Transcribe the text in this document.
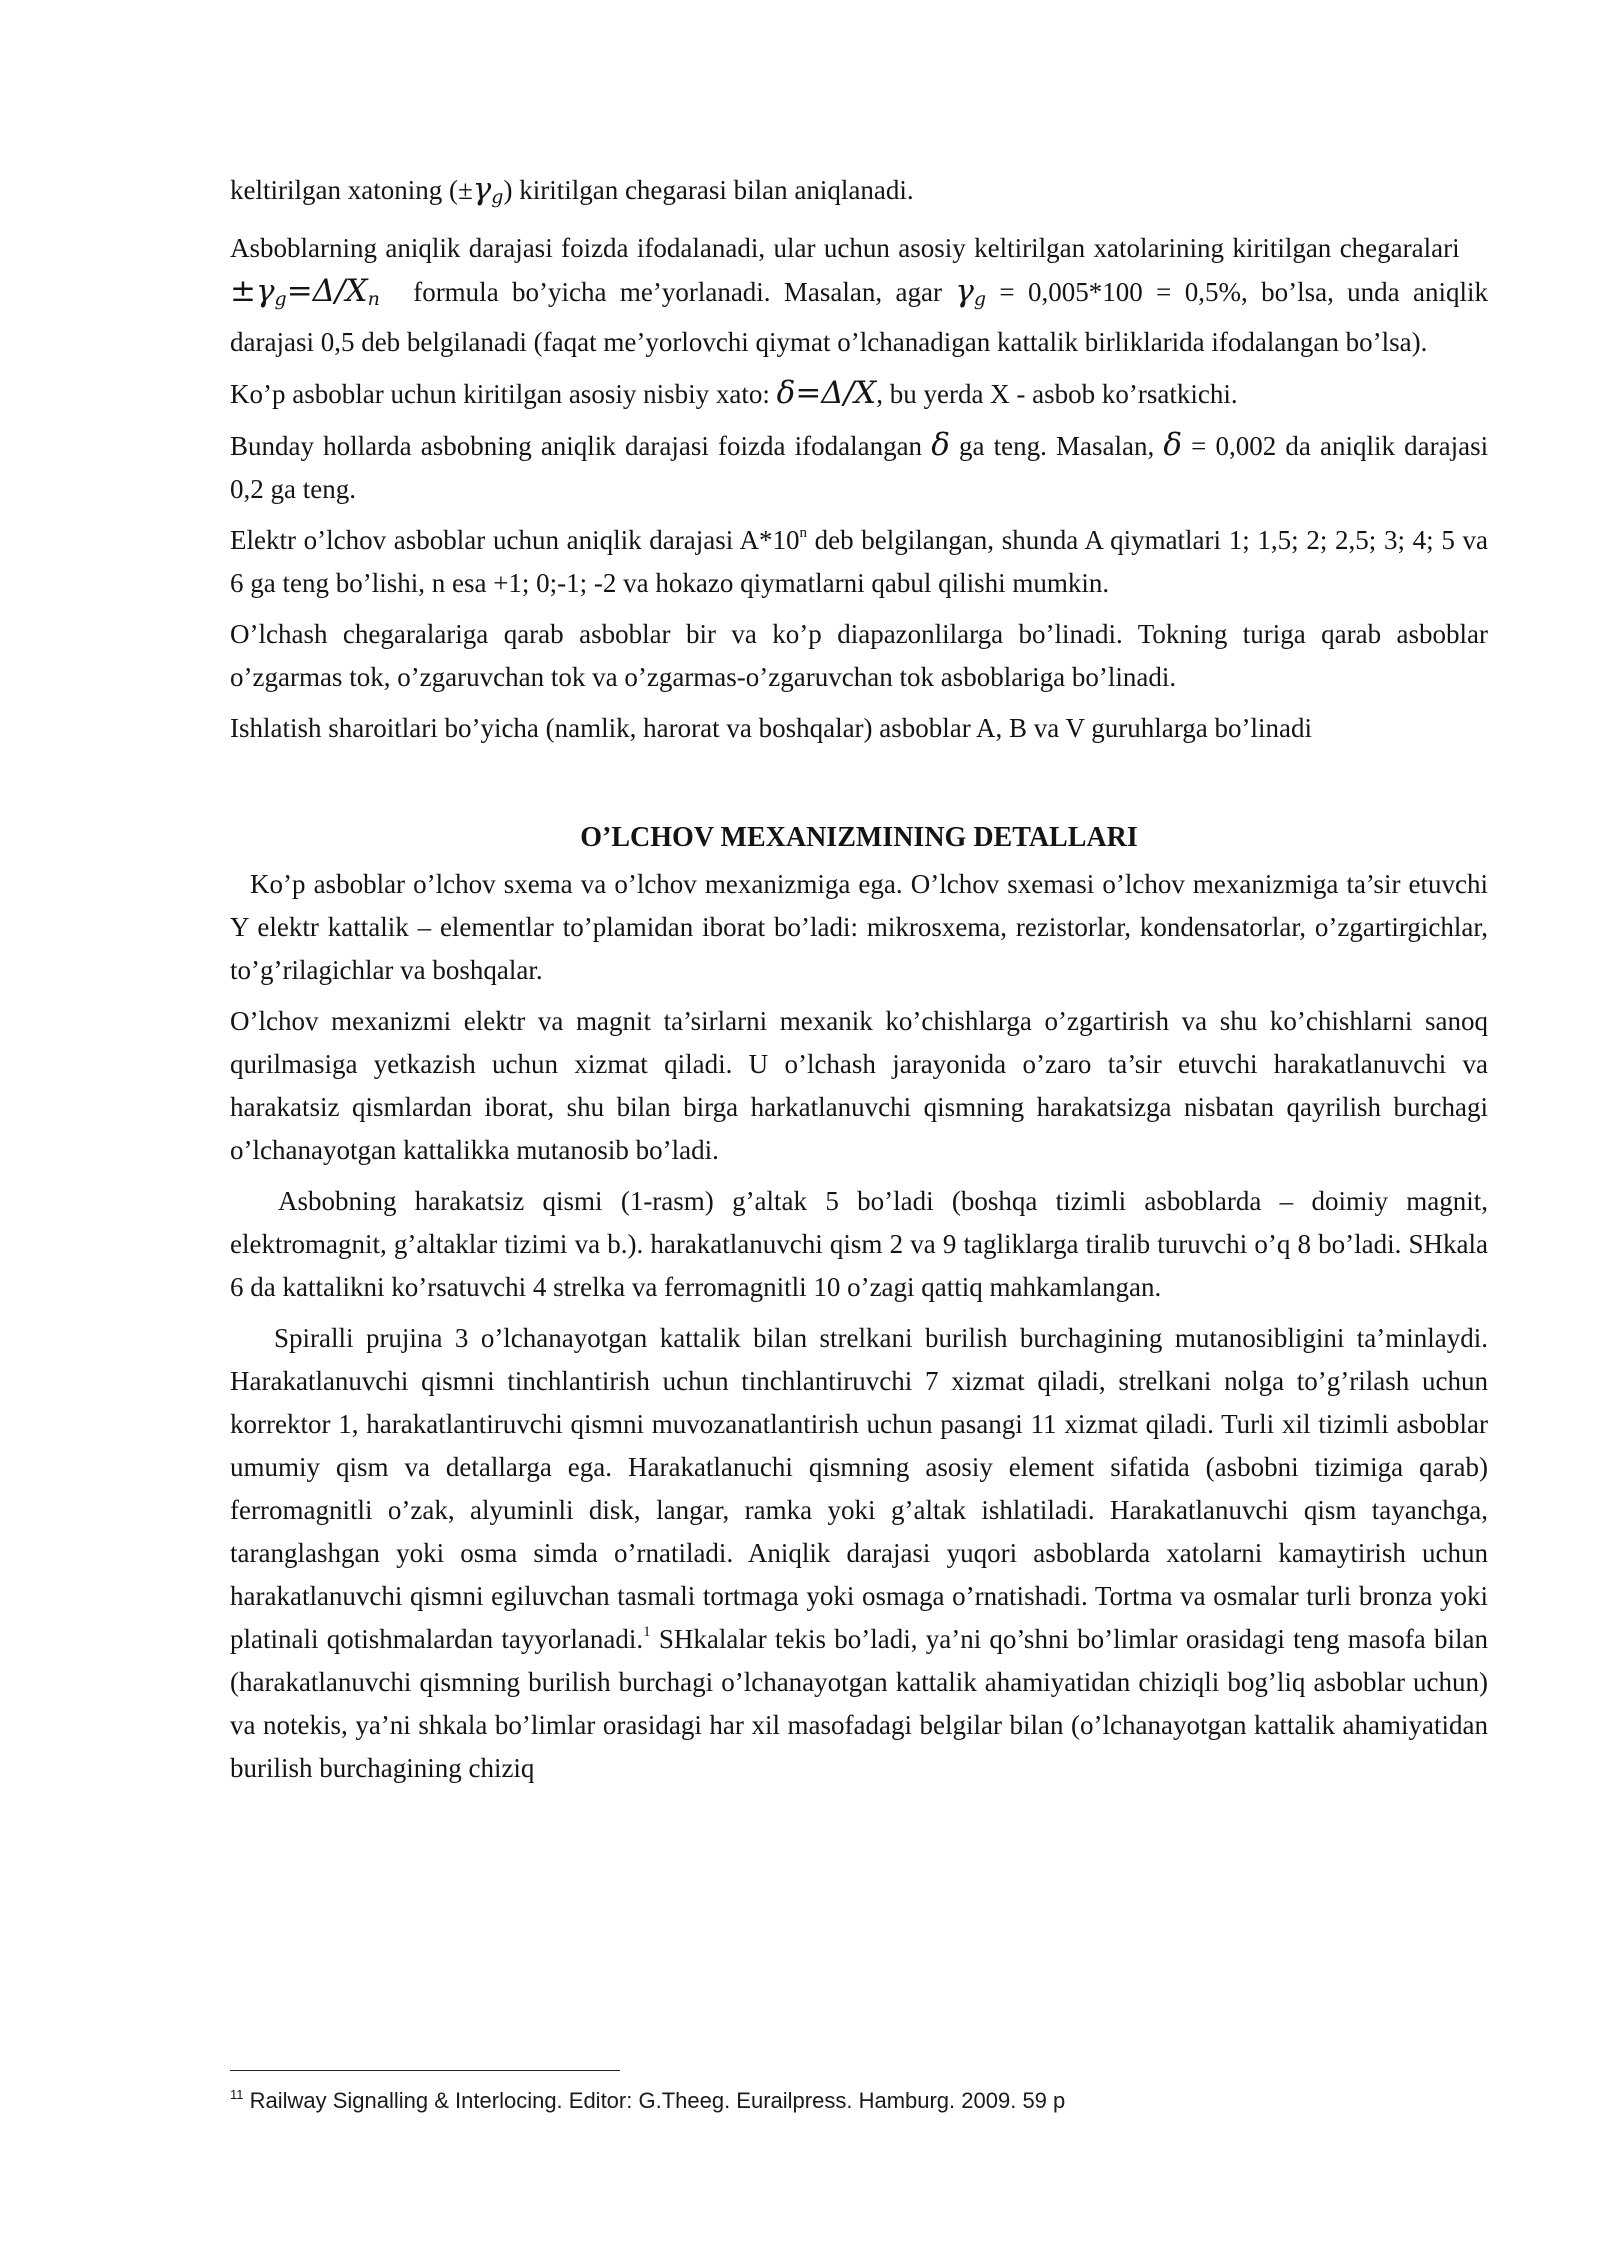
keltirilgan xatoning $(\pm\gamma_g)$ kiritilgan chegarasi bilan aniqlanadi.

Asboblarning aniqlik darajasi foizda ifodalanadi, ular uchun asosiy keltirilgan xatolarining kiritilgan chegaralari $\pm\gamma_g=\Delta/X_n$ formula bo’yicha me’yorlanadi. Masalan, agar $\gamma_g = 0,005*100 = 0,5\%$, bo’lsa, unda aniqlik darajasi 0,5 deb belgilanadi (faqat me’yorlovchi qiymat o’lchanadigan kattalik birliklarida ifodalangan bo’lsa).

Ko’p asboblar uchun kiritilgan asosiy nisbiy xato: δ=Δ/X, bu yerda X - asbob ko’rsatkichi.

Bunday hollarda asbobning aniqlik darajasi foizda ifodalangan δ ga teng. Masalan, δ = 0,002 da aniqlik darajasi 0,2 ga teng.

Elektr o’lchov asboblar uchun aniqlik darajasi A*10$^n$ deb belgilangan, shunda A qiymatlari 1; 1,5; 2; 2,5; 3; 4; 5 va 6 ga teng bo’lishi, n esa +1; 0;-1; -2 va hokazo qiymatlarni qabul qilishi mumkin.

O’lchash chegaralariga qarab asboblar bir va ko’p diapazonlilarga bo’linadi. Tokning turiga qarab asboblar o’zgarmas tok, o’zgaruvchan tok va o’zgarmas-o’zgaruvchan tok asboblariga bo’linadi.

Ishlatish sharoitlari bo’yicha (namlik, harorat va boshqalar) asboblar A, B va V guruhlarga bo’linadi

O’LCHOV MEXANIZMINING DETALLARI

Ko’p asboblar o’lchov sxema va o’lchov mexanizmiga ega. O’lchov sxemasi o’lchov mexanizmiga ta’sir etuvchi Y elektr kattalik – elementlar to’plamidan iborat bo’ladi: mikrosxema, rezistorlar, kondensatorlar, o’zgartirgichlar, to’g’rilagichlar va boshqalar.

O’lchov mexanizmi elektr va magnit ta’sirlarni mexanik ko’chishlarga o’zgartirish va shu ko’chishlarni sanoq qurilmasiga yetkazish uchun xizmat qiladi. U o’lchash jarayonida o’zaro ta’sir etuvchi harakatlanuvchi va harakatsiz qismlardan iborat, shu bilan birga harkatlanuvchi qismning harakatsizga nisbatan qayrilish burchagi o’lchanayotgan kattalikka mutanosib bo’ladi.

Asbobning harakatsiz qismi (1-rasm) g’altak 5 bo’ladi (boshqa tizimli asboblarda – doimiy magnit, elektromagnit, g’altaklar tizimi va b.). harakatlanuvchi qism 2 va 9 tagliklarga tiralib turuvchi o’q 8 bo’ladi. SHkala 6 da kattalikni ko’rsatuvchi 4 strelka va ferromagnitli 10 o’zagi qattiq mahkamlangan.

Spiralli prujina 3 o’lchanayotgan kattalik bilan strelkani burilish burchagining mutanosibligini ta’minlaydi. Harakatlanuvchi qismni tinchlantirish uchun tinchlantiruvchi 7 xizmat qiladi, strelkani nolga to’g’rilash uchun korrektor 1, harakatlantiruvchi qismni muvozanatlantirish uchun pasangi 11 xizmat qiladi. Turli xil tizimli asboblar umumiy qism va detallarga ega. Harakatlanuchi qismning asosiy element sifatida (asbobni tizimiga qarab) ferromagnitli o’zak, alyuminli disk, langar, ramka yoki g’altak ishlatiladi. Harakatlanuvchi qism tayanchga, taranglashgan yoki osma simda o’rnatiladi. Aniqlik darajasi yuqori asboblarda xatolarni kamaytirish uchun harakatlanuvchi qismni egiluvchan tasmali tortmaga yoki osmaga o’rnatishadi. Tortma va osmalar turli bronza yoki platinali qotishmalardan tayyorlanadi.$^1$ SHkalalar tekis bo’ladi, ya’ni qo’shni bo’limlar orasidagi teng masofa bilan (harakatlanuvchi qismning burilish burchagi o’lchanayotgan kattalik ahamiyatidan chiziqli bog’liq asboblar uchun) va notekis, ya’ni shkala bo’limlar orasidagi har xil masofadagi belgilar bilan (o’lchanayotgan kattalik ahamiyatidan burilish burchagining chiziq

$^{11}$ Railway Signalling & Interlocing. Editor: G.Theeg. Eurailpress. Hamburg. 2009. 59 p
